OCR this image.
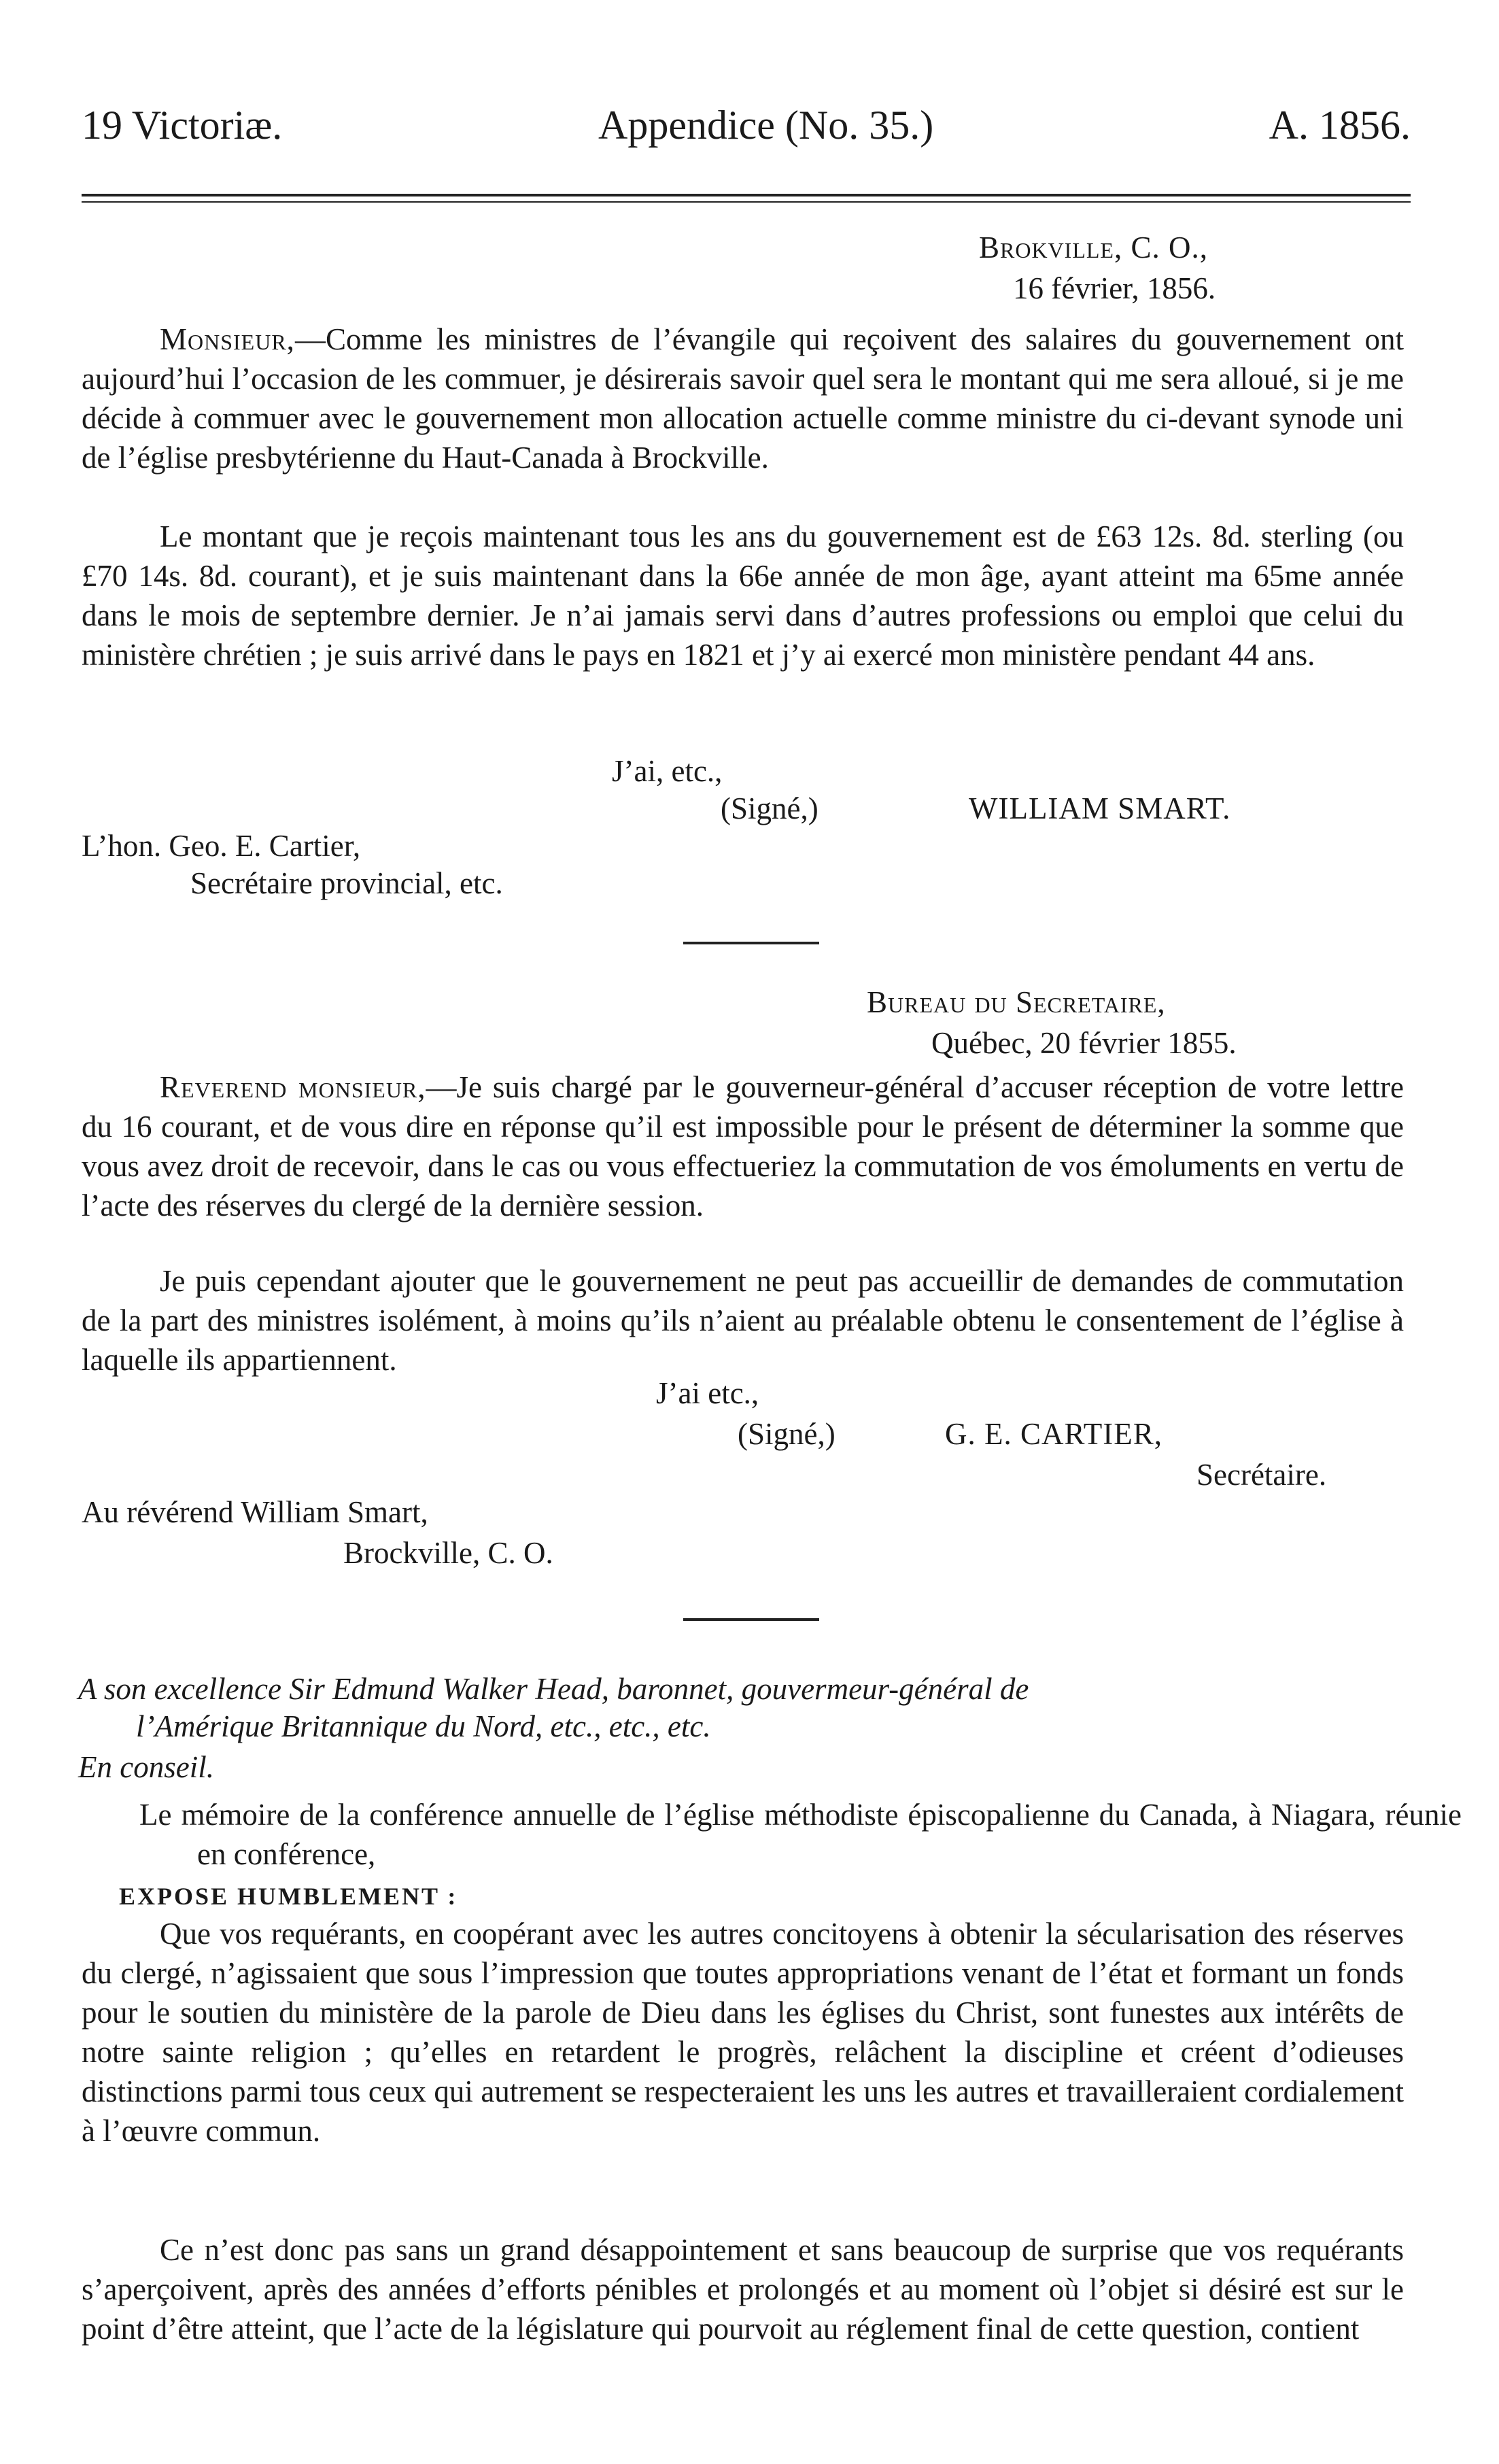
19 Victoriæ.	Appendice (No. 35.)	A. 1856.
Brokville, C. O.,
16 février, 1856.
Monsieur,—Comme les ministres de l’évangile qui reçoivent des salaires du gouvernement ont aujourd’hui l’occasion de les commuer, je désirerais savoir quel sera le montant qui me sera alloué, si je me décide à commuer avec le gouvernement mon allocation actuelle comme ministre du ci-devant synode uni de l’église presbytérienne du Haut-Canada à Brockville.
Le montant que je reçois maintenant tous les ans du gouvernement est de £63 12s. 8d. sterling (ou £70 14s. 8d. courant), et je suis maintenant dans la 66e année de mon âge, ayant atteint ma 65me année dans le mois de septembre dernier. Je n’ai jamais servi dans d’autres professions ou emploi que celui du ministère chrétien ; je suis arrivé dans le pays en 1821 et j’y ai exercé mon ministère pendant 44 ans.
J’ai, etc.,
(Signé,)	WILLIAM SMART.
L’hon. Geo. E. Cartier,
Secrétaire provincial, etc.
Bureau du Secretaire,
Québec, 20 février 1855.
Reverend monsieur,—Je suis chargé par le gouverneur-général d’accuser réception de votre lettre du 16 courant, et de vous dire en réponse qu’il est impossible pour le présent de déterminer la somme que vous avez droit de recevoir, dans le cas ou vous effectueriez la commutation de vos émoluments en vertu de l’acte des réserves du clergé de la dernière session.
Je puis cependant ajouter que le gouvernement ne peut pas accueillir de demandes de commutation de la part des ministres isolément, à moins qu’ils n’aient au préalable obtenu le consentement de l’église à laquelle ils appartiennent.
J’ai etc.,
(Signé,)	G. E. CARTIER,
Secrétaire.
Au révérend William Smart,
Brockville, C. O.
A son excellence Sir Edmund Walker Head, baronnet, gouvermeur-général de
l’Amérique Britannique du Nord, etc., etc., etc.
En conseil.
Le mémoire de la conférence annuelle de l’église méthodiste épiscopalienne du Canada, à Niagara, réunie en conférence,
EXPOSE HUMBLEMENT :
Que vos requérants, en coopérant avec les autres concitoyens à obtenir la sécularisation des réserves du clergé, n’agissaient que sous l’impression que toutes appropriations venant de l’état et formant un fonds pour le soutien du ministère de la parole de Dieu dans les églises du Christ, sont funestes aux intérêts de notre sainte religion ; qu’elles en retardent le progrès, relâchent la discipline et créent d’odieuses distinctions parmi tous ceux qui autrement se respecteraient les uns les autres et travailleraient cordialement à l’œuvre commun.
Ce n’est donc pas sans un grand désappointement et sans beaucoup de surprise que vos requérants s’aperçoivent, après des années d’efforts pénibles et prolongés et au moment où l’objet si désiré est sur le point d’être atteint, que l’acte de la législature qui pourvoit au réglement final de cette question, contient
